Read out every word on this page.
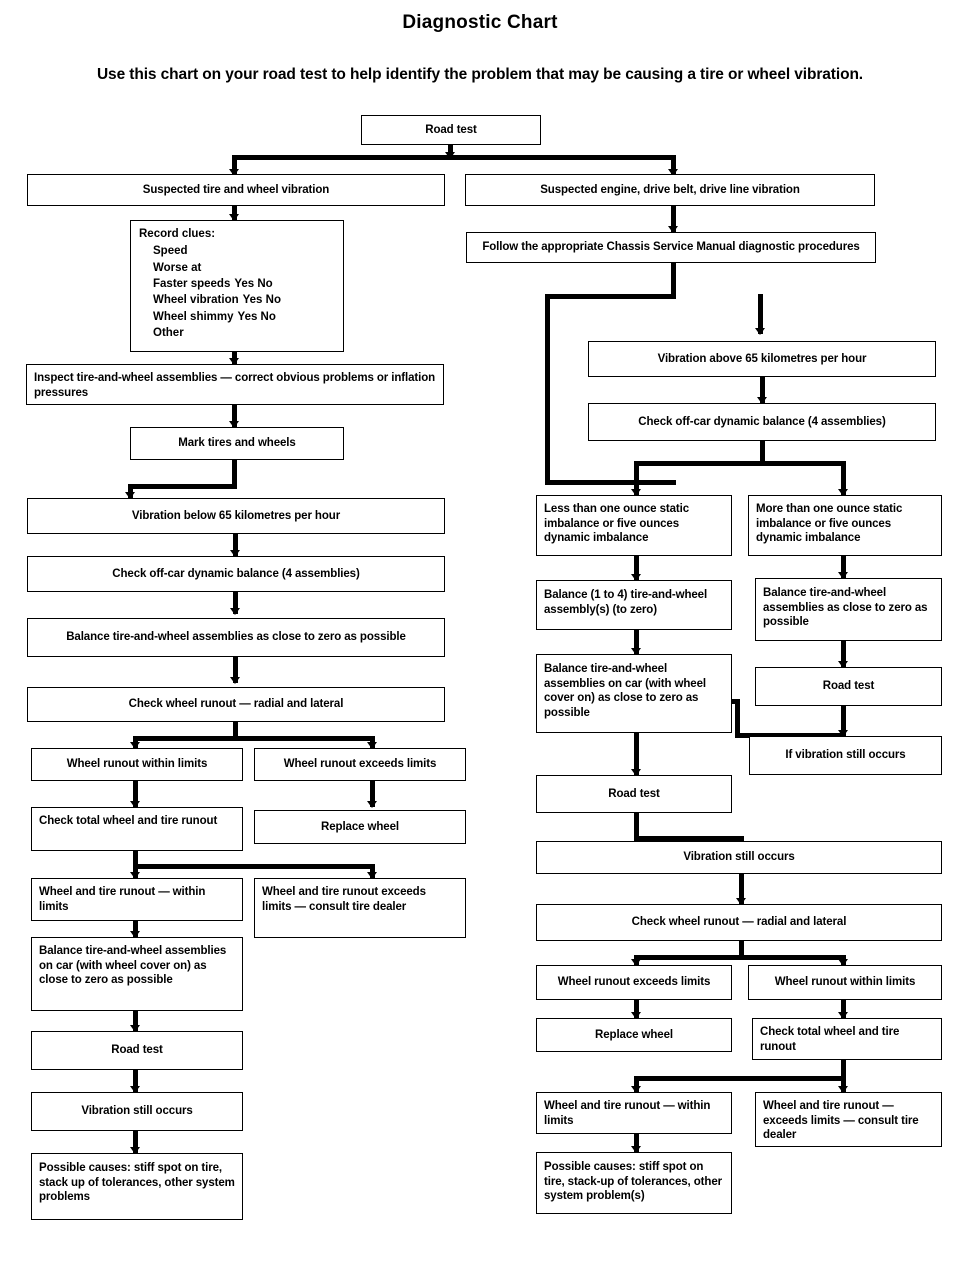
Diagnostic Chart
Use this chart on your road test to help identify the problem that may be causing a tire or wheel vibration.
Road test
Suspected tire and wheel vibration	Suspected engine, drive belt, drive line vibration
Follow the appropriate Chassis Service Manual diagnostic procedures
Record clues:
Speed
Worse at
Faster speeds Yes No
Wheel vibration Yes No
Wheel shimmy Yes No
Other
Inspect tire-and-wheel assemblies — correct obvious problems or inflation pressures
Mark tires and wheels
Vibration below 65 kilometres per hour
Check off-car dynamic balance (4 assemblies)
Balance tire-and-wheel assemblies as close to zero as possible
Check wheel runout — radial and lateral
Wheel runout within limits	Wheel runout exceeds limits
Check total wheel and tire runout	Replace wheel
Wheel and tire runout — within limits
Wheel and tire runout exceeds limits — consult tire dealer
Balance tire-and-wheel assemblies on car (with wheel cover on) as close to zero as possible
Road test
Vibration still occurs
Possible causes: stiff spot on tire, stack up of tolerances, other system problems
Vibration above 65 kilometres per hour
Check off-car dynamic balance (4 assemblies)
Less than one ounce static imbalance or five ounces dynamic imbalance
More than one ounce static imbalance or five ounces dynamic imbalance
Balance (1 to 4) tire-and-wheel assembly(s) (to zero)
Balance tire-and-wheel assemblies as close to zero as possible
Balance tire-and-wheel assemblies on car (with wheel cover on) as close to zero as possible
Road test
If vibration still occurs
Road test
Vibration still occurs
Check wheel runout — radial and lateral
Wheel runout exceeds limits	Wheel runout within limits
Replace wheel	Check total wheel and tire runout
Wheel and tire runout — within limits
Wheel and tire runout — exceeds limits — consult tire dealer
Possible causes: stiff spot on tire, stack-up of tolerances, other system problem(s)
